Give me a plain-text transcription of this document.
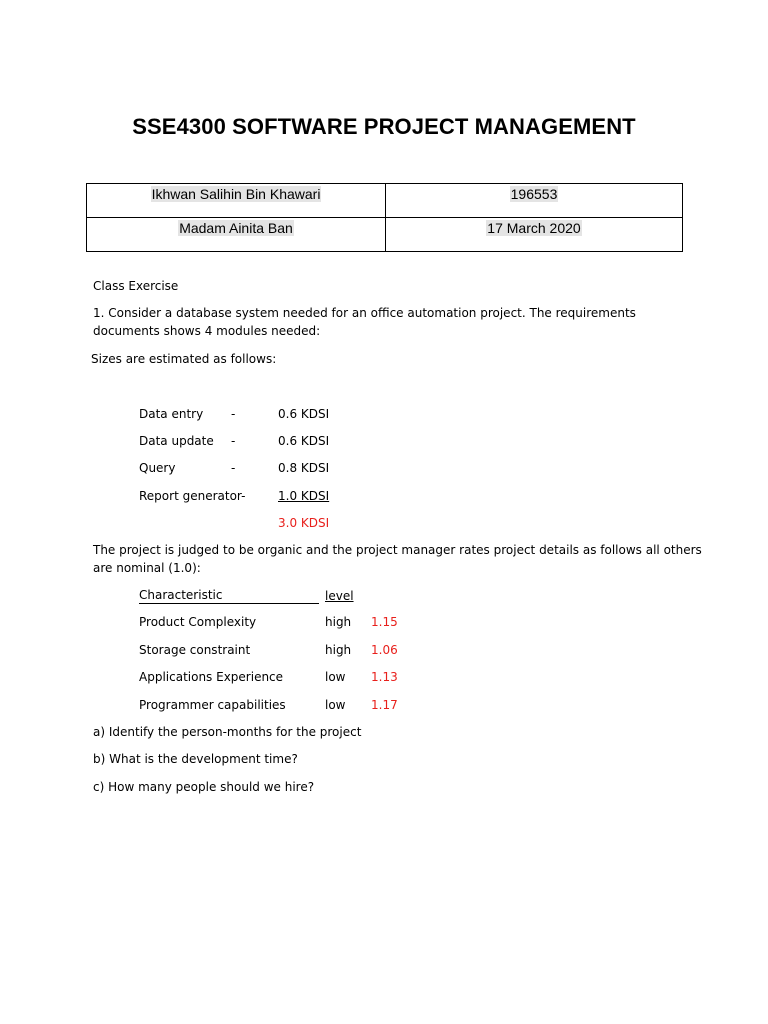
SSE4300 SOFTWARE PROJECT MANAGEMENT
Ikhwan Salihin Bin Khawari	196553
Madam Ainita Ban	17 March 2020
Class Exercise
1. Consider a database system needed for an office automation project. The requirements
documents shows 4 modules needed:
Sizes are estimated as follows:
Data entry -	0.6 KDSI
Data update -	0.6 KDSI
Query	-	0.8 KDSI
Report generator-	1.0 KDSI
3.0 KDSI
The project is judged to be organic and the project manager rates project details as follows all others
are nominal (1.0):
Characteristic	level
Product Complexity	high 1.15
Storage constraint	high 1.06
Applications Experience	low 1.13
Programmer capabilities	low 1.17
a) Identify the person-months for the project
b) What is the development time?
c) How many people should we hire?
